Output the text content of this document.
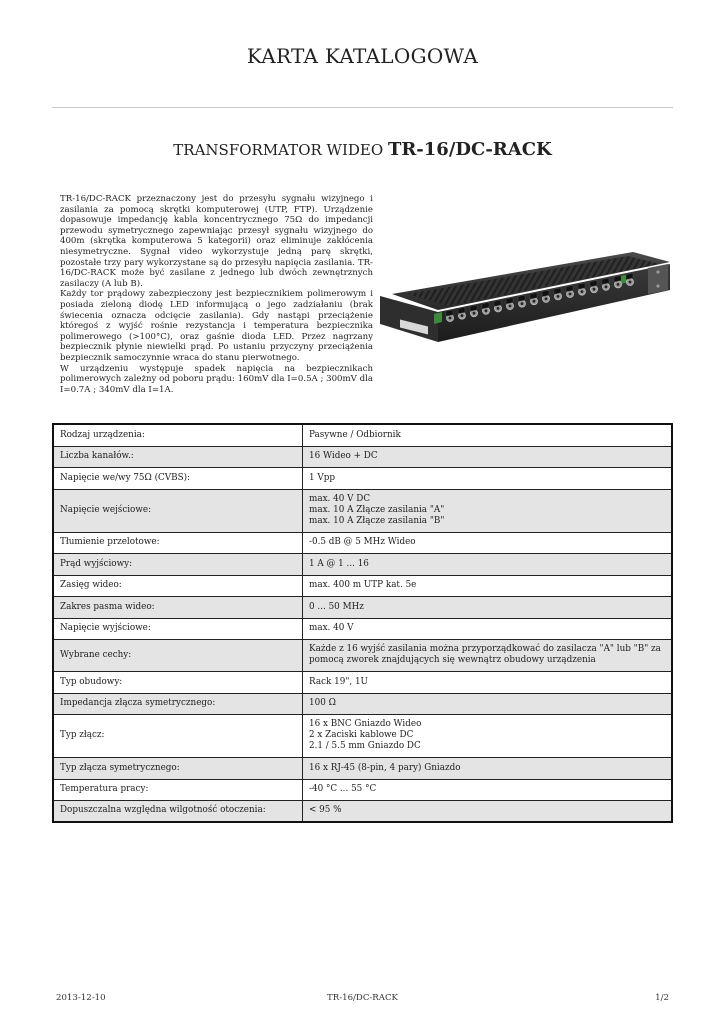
KARTA KATALOGOWA
TRANSFORMATOR WIDEO TR-16/DC-RACK

TR-16/DC-RACK przeznaczony jest do przesyłu sygnału wizyjnego i zasilania za pomocą skrętki komputerowej (UTP, FTP). Urządzenie dopasowuje impedancję kabla koncentrycznego 75Ω do impedancji przewodu symetrycznego zapewniając przesył sygnału wizyjnego do 400m (skrętka komputerowa 5 kategorii) oraz eliminuje zakłócenia niesymetryczne. Sygnał video wykorzystuje jedną parę skrętki, pozostałe trzy pary wykorzystane są do przesyłu napięcia zasilania. TR-16/DC-RACK może być zasilane z jednego lub dwóch zewnętrznych zasilaczy (A lub B).

Każdy tor prądowy zabezpieczony jest bezpiecznikiem polimerowym i posiada zieloną diodę LED informującą o jego zadziałaniu (brak świecenia oznacza odcięcie zasilania). Gdy nastąpi przeciążenie któregoś z wyjść rośnie rezystancja i temperatura bezpiecznika polimerowego (>100°C), oraz gaśnie dioda LED. Przez nagrzany bezpiecznik płynie niewielki prąd. Po ustaniu przyczyny przeciążenia bezpiecznik samoczynnie wraca do stanu pierwotnego.

W urządzeniu występuje spadek napięcia na bezpiecznikach polimerowych zależny od poboru prądu: 160mV dla I=0.5A ; 300mV dla I=0.7A ; 340mV dla I=1A.

Rodzaj urządzenia:	Pasywne / Odbiornik

Liczba kanałów.:	16 Wideo + DC

Napięcie we/wy 75Ω (CVBS):	1 Vpp

Napięcie wejściowe:	max. 40 V DC
max. 10 A Złącze zasilania "A"
max. 10 A Złącze zasilania "B"

Tłumienie przelotowe:	-0.5 dB @ 5 MHz Wideo

Prąd wyjściowy:	1 A @ 1 ... 16

Zasięg wideo:	max. 400 m UTP kat. 5e

Zakres pasma wideo:	0 ... 50 MHz

Napięcie wyjściowe:	max. 40 V

Wybrane cechy:	Każde z 16 wyjść zasilania można przyporządkować do zasilacza "A" lub "B" za
pomocą zworek znajdujących się wewnątrz obudowy urządzenia

Typ obudowy:	Rack 19", 1U

Impedancja złącza symetrycznego:	100 Ω

Typ złącz:	16 x BNC Gniazdo Wideo
2 x Zaciski kablowe DC
2.1 / 5.5 mm Gniazdo DC

Typ złącza symetrycznego:	16 x RJ-45 (8-pin, 4 pary) Gniazdo

Temperatura pracy:	-40 °C ... 55 °C

Dopuszczalna względna wilgotność otoczenia:	< 95 %
2013-12-10	TR-16/DC-RACK	1/2
